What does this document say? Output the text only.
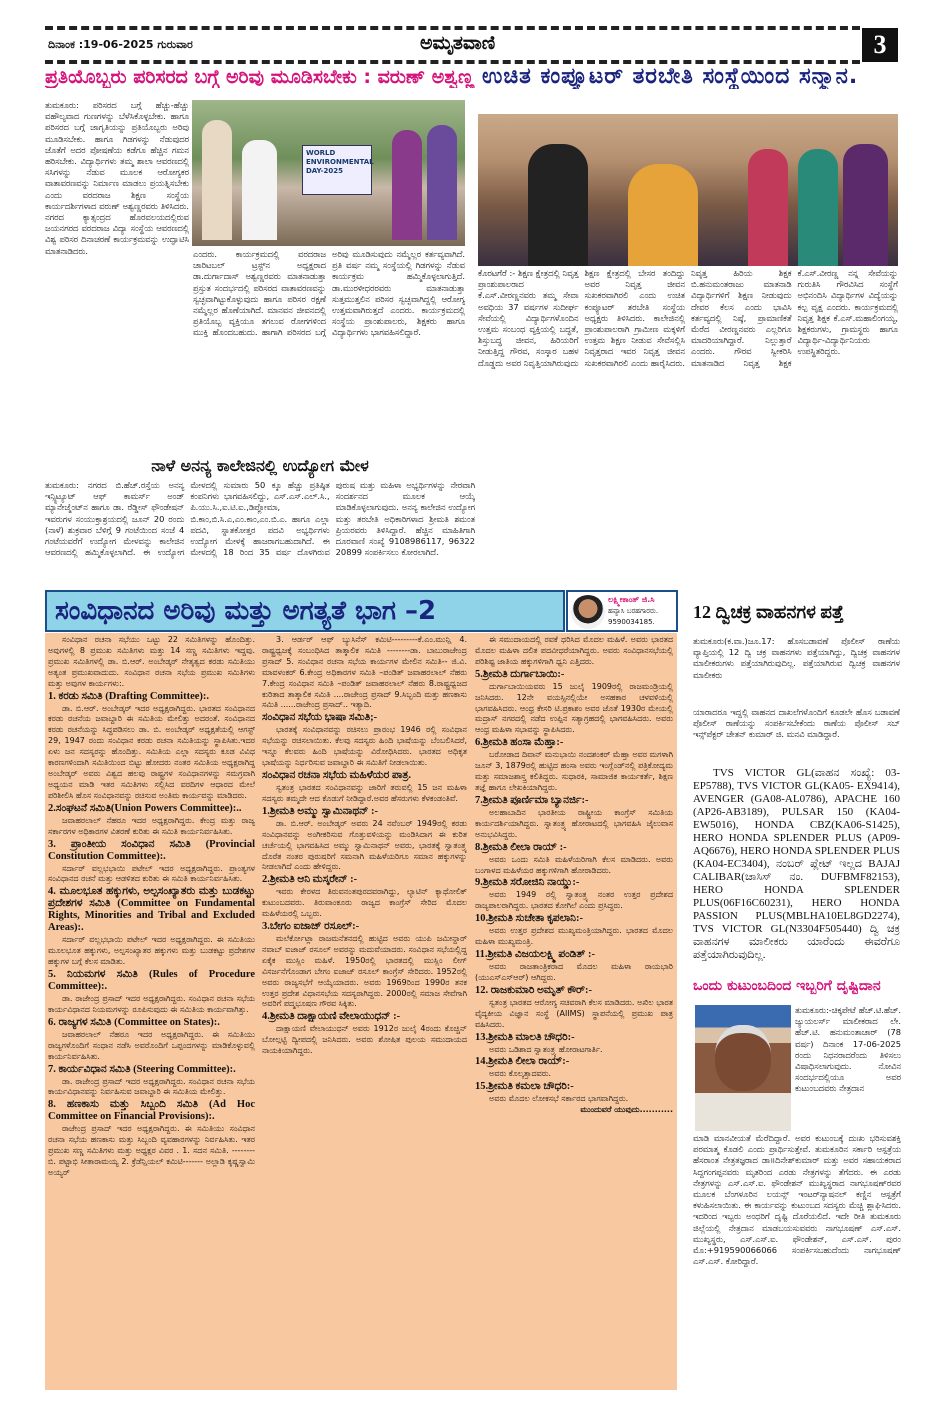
ದಿನಾಂಕ :19-06-2025 ಗುರುವಾರ	ಅಮೃತವಾಣಿ	3
ಪ್ರತಿಯೊಬ್ಬರು ಪರಿಸರದ ಬಗ್ಗೆ ಅರಿವು ಮೂಡಿಸಬೇಕು : ವರುಣ್ ಅಶ್ವಣ್ಣ
ತುಮಕೂರು: ಪರಿಸರದ ಬಗ್ಗೆ ಹೆಚ್ಚು-ಹೆಚ್ಚು ವಹೌಲ್ಯವಾದ ಗುಣಗಳನ್ನು ಬೆಳೆಸಿಕೊಳ್ಳಬೇಕು. ಹಾಗೂ ಪರಿಸರದ ಬಗ್ಗೆ ಜಾಗೃತಿಯನ್ನು ಪ್ರತಿಯೊಬ್ಬರು ಅರಿವು ಮೂಡಿಸಬೇಕು. ಹಾಗೂ ಗಿಡಗಳನ್ನು ನೆಡುವುದರ ಜೊತೆಗೆ ಅದರ ಪೋಷಣೆಯ ಕಡೆಗೂ ಹೆಚ್ಚಿನ ಗಮನ ಹರಿಸಬೇಕು. ವಿದ್ಯಾರ್ಥಿಗಳು ತಮ್ಮ ಶಾಲಾ ಆವರಣದಲ್ಲಿ ಸಸಿಗಳನ್ನು ನೆಡುವ ಮೂಲಕ ಆರೋಗ್ಯಕರ ವಾತಾವರಣವನ್ನು ನಿರ್ಮಾಣ ಮಾಡಲು ಪ್ರಯತ್ನಿಸಬೇಕು ಎಂದು ವರದರಾಜ ಶಿಕ್ಷಣ ಸಂಸ್ಥೆಯ ಕಾರ್ಯದರ್ಶಿಗಳಾದ ವರುಣ್ ಅಶ್ವಣ್ಣರವರು ತಿಳಿಸಿದರು. ನಗರದ ಕ್ಯಾತ್ಸಂದ್ರದ ಹೊರವಲಯದಲ್ಲಿರುವ ಜಯನಗರದ ವರದರಾಜ ವಿದ್ಯಾ ಸಂಸ್ಥೆಯ ಆವರಣದಲ್ಲಿ ವಿಶ್ವ ಪರಿಸರ ದಿನಾಚರಣೆ ಕಾರ್ಯಕ್ರಮವನ್ನು ಉದ್ಘಾಟಿಸಿ ಮಾತನಾಡಿದರು.
WORLD ENVIRONMENTAL DAY-2025
ಎಂದರು. ಕಾರ್ಯಕ್ರಮದಲ್ಲಿ ವರದರಾಜ ಚಾರಿಟಬಲ್ ಟ್ರಸ್ಟ್‌ನ ಅಧ್ಯಕ್ಷರಾದ ಡಾ.ದುರ್ಗಾದಾಸ್ ಅಶ್ವಣ್ಣರವರು ಮಾತನಾಡುತ್ತಾ ಪ್ರಸ್ತುತ ಸಂದರ್ಭದಲ್ಲಿ ಪರಿಸರದ ವಾತಾವರಣವನ್ನು ಸ್ವಚ್ಛವಾಗಿಟ್ಟುಕೊಳ್ಳುವುದು ಹಾಗೂ ಪರಿಸರ ರಕ್ಷಣೆ ನಮ್ಮೆಲ್ಲರ ಹೊಣೆಯಾಗಿದೆ. ಮಾನವನ ಜೀವನದಲ್ಲಿ ಪ್ರತಿಯೊಬ್ಬ ವ್ಯಕ್ತಿಯೂ ತಗಲುವ ರೋಗಗಳಿಂದ ಮುಕ್ತಿ ಹೊಂದಬಹುದು. ಹಾಗಾಗಿ ಪರಿಸರದ ಬಗ್ಗೆ ಅರಿವು ಮೂಡಿಸುವುದು ನಮ್ಮೆಲ್ಲರ ಕರ್ತವ್ಯವಾಗಿದೆ. ಪ್ರತಿ ವರ್ಷ ನಮ್ಮ ಸಂಸ್ಥೆಯಲ್ಲಿ ಗಿಡಗಳನ್ನು ನೆಡುವ ಕಾರ್ಯಕ್ರಮ ಹಮ್ಮಿಕೊಳ್ಳಲಾಗುತ್ತಿದೆ. ಡಾ.ಮುರಳೀಧರರವರು ಮಾತನಾಡುತ್ತಾ ಸುತ್ತಮುತ್ತಲಿನ ಪರಿಸರ ಸ್ವಚ್ಛವಾಗಿದ್ದಲ್ಲಿ ಆರೋಗ್ಯ ಉತ್ತಮವಾಗಿರುತ್ತದೆ ಎಂದರು. ಕಾರ್ಯಕ್ರಮದಲ್ಲಿ ಸಂಸ್ಥೆಯ ಪ್ರಾಂಶುಪಾಲರು, ಶಿಕ್ಷಕರು ಹಾಗೂ ವಿದ್ಯಾರ್ಥಿಗಳು ಭಾಗವಹಿಸಲಿದ್ದಾರೆ.
ನಾಳೆ ಅನನ್ಯ ಕಾಲೇಜಿನಲ್ಲಿ ಉದ್ಯೋಗ ಮೇಳ
ತುಮಕೂರು: ನಗರದ ಬಿ.ಹೆಚ್.ರಸ್ತೆಯ ಅನನ್ಯ ಇನ್ಸ್ಟಿಟ್ಯೂಟ್ ಆಫ್ ಕಾಮರ್ಸ್ ಅಂಡ್ ಮ್ಯಾನೇಜ್ಮೆಂಟ್‌ನ ಹಾಗೂ ಡಾ. ರೆಡ್ಡೀಸ್ ಫೌಂಡೇಷನ್ ಇವರುಗಳ ಸಂಯುಕ್ತಾಶ್ರಯದಲ್ಲಿ ಜೂನ್ 20 ರಂದು (ನಾಳೆ) ಶುಕ್ರವಾರ ಬೆಳಿಗ್ಗೆ 9 ಗಂಟೆಯಿಂದ ಸಂಜೆ 4 ಗಂಟೆಯವರೆಗೆ ಉದ್ಯೋಗ ಮೇಳವನ್ನು ಕಾಲೇಜಿನ ಆವರಣದಲ್ಲಿ ಹಮ್ಮಿಕೊಳ್ಳಲಾಗಿದೆ. ಈ ಉದ್ಯೋಗ ಮೇಳದಲ್ಲಿ ಸುಮಾರು 50 ಕ್ಕೂ ಹೆಚ್ಚು ಪ್ರತಿಷ್ಠಿತ ಕಂಪನಿಗಳು ಭಾಗವಹಿಸಲಿದ್ದು, ಎಸ್.ಎಸ್.ಎಲ್.ಸಿ., ಪಿ.ಯು.ಸಿ.,ಐ.ಟಿ.ಐ.,ಡಿಪ್ಲೋಮಾ, ಬಿ.ಕಾಂ,ಬಿ.ಸಿ.ಎ,ಎಂ.ಕಾಂ,ಎಂ.ಬಿ.ಎ. ಹಾಗೂ ಎಲ್ಲಾ ಪದವಿ, ಸ್ನಾತಕೋತ್ತರ ಪದವಿ ಅಭ್ಯರ್ಥಿಗಳು ಉದ್ಯೋಗ ಮೇಳಕ್ಕೆ ಹಾಜರಾಗಬಹುದಾಗಿದೆ. ಈ ಮೇಳದಲ್ಲಿ 18 ರಿಂದ 35 ವರ್ಷ ದೊಳಗಿರುವ ಪುರುಷ ಮತ್ತು ಮಹಿಳಾ ಅಭ್ಯರ್ಥಿಗಳನ್ನು ನೇರವಾಗಿ ಸಂದರ್ಶನದ ಮೂಲಕ ಆಯ್ಕೆ ಮಾಡಿಕೊಳ್ಳಲಾಗುವುದು. ಅನನ್ಯ ಕಾಲೇಜಿನ ಉದ್ಯೋಗ ಮತ್ತು ತರಬೇತಿ ಅಧಿಕಾರಿಗಳಾದ ಶ್ರೀಮತಿ ಶಮಂತ ಪ್ರಿಯರವರು ತಿಳಿಸಿದ್ದಾರೆ. ಹೆಚ್ಚಿನ ಮಾಹಿತಿಗಾಗಿ ದೂರವಾಣಿ ಸಂಖ್ಯೆ 9108986117, 96322 20899 ಸಂಪರ್ಕಿಸಲು ಕೋರಲಾಗಿದೆ.
ಉಚಿತ ಕಂಪ್ಯೂಟರ್ ತರಬೇತಿ ಸಂಸ್ಥೆಯಿಂದ ಸನ್ಮಾನ.
ಕೊರಟಗೆರೆ :- ಶಿಕ್ಷಣ ಕ್ಷೇತ್ರದಲ್ಲಿ ನಿವೃತ್ತ ಪ್ರಾಂಶುಪಾಲರಾದ ಕೆ.ಎಸ್.ವೀರಣ್ಣನವರು ತಮ್ಮ ಸೇವಾ ಅವಧಿಯ 37 ವರ್ಷಗಳ ಸುದೀರ್ಘ ಸೇವೆಯಲ್ಲಿ ವಿದ್ಯಾರ್ಥಿಗಳೊಂದಿನ ಉತ್ತಮ ಸಂಬಂಧ ವ್ಯಕ್ತಿಯಲ್ಲಿ ಬದ್ಧತೆ, ಶಿಸ್ತುಬದ್ಧ ಜೀವನ, ಹಿರಿಯರಿಗೆ ನೀಡುತ್ತಿದ್ದ ಗೌರವ, ಸಂಸ್ಕಾರ ಬಹಳ ದೊಡ್ಡದು ಅವರ ನಿವೃತ್ತಿಯಾಗಿರುವುದು ಶಿಕ್ಷಣ ಕ್ಷೇತ್ರದಲ್ಲಿ ಬೇಸರ ತಂದಿದ್ದು ಅವರ ನಿವೃತ್ತ ಜೀವನ ಸುಖಕರವಾಗಿರಲಿ ಎಂದು ಉಚಿತ ಕಂಪ್ಯೂಟರ್ ತರಬೇತಿ ಸಂಸ್ಥೆಯ ಅಧ್ಯಕ್ಷರು ತಿಳಿಸಿದರು. ಕಾಲೇಜಿನಲ್ಲಿ ಪ್ರಾಂಶುಪಾಲರಾಗಿ ಗ್ರಾಮೀಣ ಮಕ್ಕಳಿಗೆ ಉತ್ತಮ ಶಿಕ್ಷಣ ನೀಡುವ ಸೇವೆಸಲ್ಲಿಸಿ ನಿವೃತ್ತರಾದ ಇವರ ನಿವೃತ್ತ ಜೀವನ ಸುಖಕರವಾಗಿರಲಿ ಎಂದು ಹಾರೈಸಿದರು. ನಿವೃತ್ತ ಹಿರಿಯ ಶಿಕ್ಷಕ ಬಿ.ಹನುಮಂತರಾಜು ಮಾತನಾಡಿ ವಿದ್ಯಾರ್ಥಿಗಳಿಗೆ ಶಿಕ್ಷಣ ನೀಡುವುದು ದೇವರ ಕೆಲಸ ಎಂದು ಭಾವಿಸಿ ಕರ್ತವ್ಯದಲ್ಲಿ ನಿಷ್ಠೆ, ಪ್ರಾಮಾಣಿಕತೆ ಮೆರೆದ ವೀರಣ್ಣನವರು ಎಲ್ಲರಿಗೂ ಮಾದರಿಯಾಗಿದ್ದಾರೆ. ನಿಲ್ಲುತ್ತಾರೆ ಎಂದರು. ಗೌರವ ಸ್ವೀಕರಿಸಿ ಮಾತನಾಡಿದ ನಿವೃತ್ತ ಶಿಕ್ಷಕ ಕೆ.ಎಸ್.ವೀರಣ್ಣ ನನ್ನ ಸೇವೆಯನ್ನು ಗುರುತಿಸಿ ಗೌರವಿಸಿದ ಸಂಸ್ಥೆಗೆ ಅಭಿನಂದಿಸಿ ವಿದ್ಯಾರ್ಥಿಗಳ ವಿದ್ಯೆಯನ್ನು ಕಲ್ಪ ವೃಕ್ಷ ಎಂದರು. ಕಾರ್ಯಕ್ರಮದಲ್ಲಿ ನಿವೃತ್ತ ಶಿಕ್ಷಕ ಕೆ.ಎಸ್.ಮಹಾಲಿಂಗಯ್ಯ, ಶಿಕ್ಷಕರುಗಳು, ಗ್ರಾಮಸ್ಥರು ಹಾಗೂ ವಿದ್ಯಾರ್ಥಿ-ವಿದ್ಯಾರ್ಥಿನಿಯರು ಉಪಸ್ಥಿತರಿದ್ದರು.
ಸಂವಿಧಾನದ ಅರಿವು ಮತ್ತು ಅಗತ್ಯತೆ ಭಾಗ –2	ಲಕ್ಷ್ಮೀಕಾಂತ್ ಜಿ.ಸಿ
ಹವ್ಯಾಸಿ ಬರಹಗಾರರು.
9590034185.

ಸಂವಿಧಾನ ರಚನಾ ಸಭೆಯು ಒಟ್ಟು 22 ಸಮಿತಿಗಳನ್ನು ಹೊಂದಿತ್ತು. ಅವುಗಳಲ್ಲಿ 8 ಪ್ರಮುಖ ಸಮಿತಿಗಳು ಮತ್ತು 14 ಸಣ್ಣ ಸಮಿತಿಗಳು ಇದ್ದವು. ಪ್ರಮುಖ ಸಮಿತಿಗಳಲ್ಲಿ ಡಾ. ಬಿ.ಆರ್. ಅಂಬೇಡ್ಕರ್ ನೇತೃತ್ವದ ಕರಡು ಸಮಿತಿಯು ಅತ್ಯಂತ ಪ್ರಮುಖವಾದುದು. ಸಂವಿಧಾನ ರಚನಾ ಸಭೆಯ ಪ್ರಮುಖ ಸಮಿತಿಗಳು ಮತ್ತು ಅವುಗಳ ಕಾರ್ಯಗಳು:.

1. ಕರಡು ಸಮಿತಿ (Drafting Committee):.

ಡಾ. ಬಿ.ಆರ್. ಅಂಬೇಡ್ಕರ್ ಇದರ ಅಧ್ಯಕ್ಷರಾಗಿದ್ದರು. ಭಾರತದ ಸಂವಿಧಾನದ ಕರಡು ರಚನೆಯ ಜವಾಬ್ದಾರಿ ಈ ಸಮಿತಿಯ ಮೇಲಿತ್ತು ಅದರಂತೆ. ಸಂವಿಧಾನದ ಕರಡು ರಚನೆಯನ್ನು ಸಿದ್ಧಪಡಿಸಲು ಡಾ. ಬಿ. ಅಂಬೇಡ್ಕರ್ ಅಧ್ಯಕ್ಷತೆಯಲ್ಲಿ ಆಗಸ್ಟ್ 29, 1947 ರಂದು ಸಂವಿಧಾನ ಕರಡು ರಚನಾ ಸಮಿತಿಯನ್ನು ಸ್ಥಾಪಿಸಿತು.ಇದರ ಏಳು ಜನ ಸದಸ್ಯರನ್ನು ಹೊಂದಿತ್ತು. ಸಮಿತಿಯ ಎಲ್ಲಾ ಸದಸ್ಯರು ಕೂಡ ವಿವಿಧ ಕಾರಣಗಳಿಂದಾಗಿ ಸಮಿತಿಯಿಂದ ಬಿಟ್ಟು ಹೋದರು ನಂತರ ಸಮಿತಿಯ ಅಧ್ಯಕ್ಷರಾಗಿದ್ದ ಅಂಬೇಡ್ಕರ್ ಅವರು ವಿಶ್ವದ ಹಲವು ರಾಷ್ಟ್ರಗಳ ಸಂವಿಧಾನಗಳನ್ನು ಸಮಗ್ರವಾಗಿ ಅಧ್ಯಯನ ಮಾಡಿ ಇತರ ಸಮಿತಿಗಳು ಸಲ್ಲಿಸಿದ ವರದಿಗಳ ಆಧಾರದ ಮೇಲೆ ಪರಿಶೀಲಿಸಿ ಹೊಸ ಸಂವಿಧಾನವನ್ನು ರಚಿಸುವ ಅಂತಿಮ ಕಾರ್ಯವನ್ನು ಮಾಡಿದರು.

2.ಸಂಘಟನೆ ಸಮಿತಿ(Union Powers Committee):..

ಜವಾಹರಲಾಲ್ ನೆಹರೂ ಇದರ ಅಧ್ಯಕ್ಷರಾಗಿದ್ದರು. ಕೇಂದ್ರ ಮತ್ತು ರಾಜ್ಯ ಸರ್ಕಾರಗಳ ಅಧಿಕಾರಗಳ ವಿತರಣೆ ಕುರಿತು ಈ ಸಮಿತಿ ಕಾರ್ಯನಿರ್ವಹಿಸಿತು.

3. ಪ್ರಾಂತೀಯ ಸಂವಿಧಾನ ಸಮಿತಿ (Provincial Constitution Committee):.

ಸರ್ದಾರ್ ವಲ್ಲಭಭಾಯಿ ಪಟೇಲ್ ಇದರ ಅಧ್ಯಕ್ಷರಾಗಿದ್ದರು. ಪ್ರಾಂತ್ಯಗಳ ಸಂವಿಧಾನದ ರಚನೆ ಮತ್ತು ಆಡಳಿತದ ಕುರಿತು ಈ ಸಮಿತಿ ಕಾರ್ಯನಿರ್ವಹಿಸಿತು.

4. ಮೂಲಭೂತ ಹಕ್ಕುಗಳು, ಅಲ್ಪಸಂಖ್ಯಾತರು ಮತ್ತು ಬುಡಕಟ್ಟು ಪ್ರದೇಶಗಳ ಸಮಿತಿ (Committee on Fundamental Rights, Minorities and Tribal and Excluded Areas):.

ಸರ್ದಾರ್ ವಲ್ಲಭಭಾಯಿ ಪಟೇಲ್ ಇದರ ಅಧ್ಯಕ್ಷರಾಗಿದ್ದರು. ಈ ಸಮಿತಿಯು ಮೂಲಭೂತ ಹಕ್ಕುಗಳು, ಅಲ್ಪಸಂಖ್ಯಾತರ ಹಕ್ಕುಗಳು ಮತ್ತು ಬುಡಕಟ್ಟು ಪ್ರದೇಶಗಳ ಹಕ್ಕುಗಳ ಬಗ್ಗೆ ಕೆಲಸ ಮಾಡಿತು.

5. ನಿಯಮಗಳ ಸಮಿತಿ (Rules of Procedure Committee):.

ಡಾ. ರಾಜೇಂದ್ರ ಪ್ರಸಾದ್ ಇದರ ಅಧ್ಯಕ್ಷರಾಗಿದ್ದರು. ಸಂವಿಧಾನ ರಚನಾ ಸಭೆಯ ಕಾರ್ಯವಿಧಾನದ ನಿಯಮಗಳನ್ನು ರೂಪಿಸುವುದು ಈ ಸಮಿತಿಯ ಕಾರ್ಯವಾಗಿತ್ತು.

6. ರಾಜ್ಯಗಳ ಸಮಿತಿ (Committee on States):.

ಜವಾಹರಲಾಲ್ ನೆಹರೂ ಇದರ ಅಧ್ಯಕ್ಷರಾಗಿದ್ದರು. ಈ ಸಮಿತಿಯು ರಾಜ್ಯಗಳೊಂದಿಗೆ ಸಂಧಾನ ನಡೆಸಿ ಅವರೊಂದಿಗೆ ಒಪ್ಪಂದಗಳನ್ನು ಮಾಡಿಕೊಳ್ಳುವಲ್ಲಿ ಕಾರ್ಯನಿರ್ವಹಿಸಿತು.

7. ಕಾರ್ಯವಿಧಾನ ಸಮಿತಿ (Steering Committee):.

ಡಾ. ರಾಜೇಂದ್ರ ಪ್ರಸಾದ್ ಇದರ ಅಧ್ಯಕ್ಷರಾಗಿದ್ದರು. ಸಂವಿಧಾನ ರಚನಾ ಸಭೆಯ ಕಾರ್ಯವಿಧಾನವನ್ನು ನಿರ್ವಹಿಸುವ ಜವಾಬ್ದಾರಿ ಈ ಸಮಿತಿಯ ಮೇಲಿತ್ತು.

8. ಹಣಕಾಸು ಮತ್ತು ಸಿಬ್ಬಂದಿ ಸಮಿತಿ (Ad Hoc Committee on Financial Provisions):.

ರಾಜೇಂದ್ರ ಪ್ರಸಾದ್ ಇದರ ಅಧ್ಯಕ್ಷರಾಗಿದ್ದರು. ಈ ಸಮಿತಿಯು ಸಂವಿಧಾನ ರಚನಾ ಸಭೆಯ ಹಣಕಾಸು ಮತ್ತು ಸಿಬ್ಬಂದಿ ವ್ಯವಹಾರಗಳನ್ನು ನಿರ್ವಹಿಸಿತು. ಇತರ ಪ್ರಮುಖ ಸಣ್ಣ ಸಮಿತಿಗಳು ಮತ್ತು ಅಧ್ಯಕ್ಷರ ವಿವರ . 1. ಸದನ ಸಮಿತಿ. --------ಬಿ. ಪಟ್ಟಾಭಿ ಸೀತಾರಾಮಯ್ಯ 2. ಕ್ರೆಡೆನ್ಷಿಯಲ್ ಕಮಿಟಿ------- ಅಲ್ಲಾಡಿ ಕೃಷ್ಣಸ್ವಾಮಿ ಅಯ್ಯರ್

3. ಆರ್ಡರ್ ಆಫ್ ಬ್ಯುಸಿನೆಸ್ ಕಮಿಟಿ---------ಕೆ.ಎಂ.ಮುನ್ಷಿ 4. ರಾಷ್ಟ್ರಧ್ವಜಕ್ಕೆ ಸಂಬಂಧಿಸಿದ ತಾತ್ಕಾಲಿಕ ಸಮಿತಿ --------ಡಾ. ಬಾಬುರಾಜೇಂದ್ರ ಪ್ರಸಾದ್ 5. ಸಂವಿಧಾನ ರಚನಾ ಸಭೆಯ ಕಾರ್ಯಗಳ ಮೇಲಿನ ಸಮಿತಿ-- ಜಿ.ವಿ. ಮಾವಳಂಕರ್ 6.ಕೇಂದ್ರ ಅಧಿಕಾರಗಳ ಸಮಿತಿ –ಪಂಡಿತ್ ಜವಾಹರಲಾಲ್ ನೆಹರು 7.ಕೇಂದ್ರ ಸಂವಿಧಾನ ಸಮಿತಿ –ಪಂಡಿತ್ ಜವಾಹರಲಾಲ್ ನೆಹರು 8.ರಾಷ್ಟ್ರಧ್ವಜದ ಕುರಿತಾದ ತಾತ್ಕಾಲಿಕ ಸಮಿತಿ ....ರಾಜೇಂದ್ರ ಪ್ರಸಾದ್ 9.ಸಿಬ್ಬಂದಿ ಮತ್ತು ಹಣಕಾಸು ಸಮಿತಿ ......ರಾಜೇಂದ್ರ ಪ್ರಸಾದ್.. ಇತ್ಯಾದಿ.

ಸಂವಿಧಾನ ಸಭೆಯ ಭಾಷಾ ಸಮಿತಿ;-

ಭಾರತಕ್ಕೆ ಸಂವಿಧಾನವನ್ನು ರಚಿಸಲು ಪ್ರಾರಂಭ 1946 ರಲ್ಲಿ ಸಂವಿಧಾನ ಸಭೆಯನ್ನು ರಚಿಸಲಾಯಿತು. ಕೆಲವು ಸದಸ್ಯರು ಹಿಂದಿ ಭಾಷೆಯನ್ನು ಬೆಂಬಲಿಸಿದರೆ, ಇನ್ನೂ ಕೆಲವರು ಹಿಂದಿ ಭಾಷೆಯನ್ನು ವಿರೋಧಿಸಿದರು. ಭಾರತದ ಅಧಿಕೃತ ಭಾಷೆಯನ್ನು ನಿರ್ಧರಿಸುವ ಜವಾಬ್ದಾರಿ ಈ ಸಮಿತಿಗೆ ನೀಡಲಾಯಿತು.

ಸಂವಿಧಾನ ರಚನಾ ಸಭೆಯ ಮಹಿಳೆಯರ ಪಾತ್ರ.

ಸ್ವತಂತ್ರ ಭಾರತದ ಸಂವಿಧಾನವನ್ನು ಜಾರಿಗೆ ತರುವಲ್ಲಿ 15 ಜನ ಮಹಿಳಾ ಸದಸ್ಯರು ತಮ್ಮದೇ ಆದ ಕೊಡುಗೆ ನೀಡಿದ್ದಾರೆ.ಅವರ ಹೆಸರುಗಳು ಕೆಳಕಂಡಂತಿವೆ.

1.ಶ್ರೀಮತಿ ಅಮ್ಮು ಸ್ವಾಮಿನಾಥನ್ :-

ಡಾ. ಬಿ.ಆರ್. ಅಂಬೇಡ್ಕರ್ ಅವರು 24 ನವೆಂಬರ್ 1949ರಲ್ಲಿ ಕರಡು ಸಂವಿಧಾನವನ್ನು ಅಂಗೀಕರಿಸುವ ಗೊತ್ತುವಳಿಯನ್ನು ಮಂಡಿಸಿದಾಗ ಈ ಕುರಿತ ಚರ್ಚೆಯಲ್ಲಿ ಭಾಗವಹಿಸಿದ ಅಮ್ಮು ಸ್ವಾಮಿನಾಥನ್ ಅವರು, ಭಾರತಕ್ಕೆ ಸ್ವಾತಂತ್ರ್ಯ ದೊರೆತ ನಂತರ ಪುರುಷರಿಗೆ ಸಮನಾಗಿ ಮಹಿಳೆಯರಿಗೂ ಸಮಾನ ಹಕ್ಕುಗಳನ್ನು ನೀಡಲಾಗಿದೆ ಎಂದು ಹೇಳಿದ್ದರು.

2.ಶ್ರೀಮತಿ ಆನಿ ಮಸ್ಕರೇನ್ :-

ಇವರು ಕೇರಳದ ತಿರುವನಂತಪುರದವರಾಗಿದ್ದು, ಲ್ಯಾಟಿನ್ ಕ್ಯಾಥೋಲಿಕ್ ಕುಟುಂಬದವರು. ತಿರುವಾಂಕೂರು ರಾಜ್ಯದ ಕಾಂಗ್ರೆಸ್ ಸೇರಿದ ಮೊದಲ ಮಹಿಳೆಯರಲ್ಲಿ ಒಬ್ಬರು.

3.ಬೇಗಂ ಐಜಾಜ್ ರಸೂಲ್:-

ಮಲೆರ್ಕೋಟ್ಲಾ ರಾಜಮನೆತನದಲ್ಲಿ ಹುಟ್ಟಿದ ಅವರು ಯುಪಿ ಜಮೀನ್ದಾರ್ ನವಾಬ್ ಐಜಾಜ್ ರಸೂಲ್ ಅವರನ್ನು ಮದುವೆಯಾದರು. ಸಂವಿಧಾನ ಸಭೆಯಲ್ಲಿದ್ದ ಏಕೈಕ ಮುಸ್ಲಿಂ ಮಹಿಳೆ. 1950ರಲ್ಲಿ ಭಾರತದಲ್ಲಿ ಮುಸ್ಲಿಂ ಲೀಗ್ ವಿಸರ್ಜನೆಗೊಂಡಾಗ ಬೇಗಂ ಐಜಾಜ್ ರಸೂಲ್ ಕಾಂಗ್ರೆಸ್ ಸೇರಿದರು. 1952ರಲ್ಲಿ ಅವರು ರಾಜ್ಯಸಭೆಗೆ ಆಯ್ಕೆಯಾದರು. ಅವರು 1969ರಿಂದ 1990ರ ತನಕ ಉತ್ತರ ಪ್ರದೇಶ ವಿಧಾನಸಭೆಯ ಸದಸ್ಯರಾಗಿದ್ದರು. 2000ರಲ್ಲಿ ಸಮಾಜ ಸೇವೆಗಾಗಿ ಅವರಿಗೆ ಪದ್ಮಭೂಷಣ ಗೌರವ ಸಿಕ್ಕಿತು.

4.ಶ್ರೀಮತಿ ದಾಕ್ಷಾಯಣಿ ವೇಲಾಯುಧನ್ :-

ದಾಕ್ಷಾಯಣಿ ವೇಲಾಯುಧನ್ ಅವರು 1912ರ ಜುಲೈ 4ರಂದು ಕೊಚ್ಚಿನ್ ಬೋಲ್ಗಟ್ಟಿ ದ್ವೀಪದಲ್ಲಿ ಜನಿಸಿದರು. ಅವರು ಶೋಷಿತ ಪುಲಯ ಸಮುದಾಯದ ನಾಯಕಿಯಾಗಿದ್ದರು.

ಈ ಸಮುದಾಯದಲ್ಲಿ ರವಕೆ ಧರಿಸಿದ ಮೊದಲ ಮಹಿಳೆ. ಅವರು ಭಾರತದ ಮೊದಲ ಮಹಿಳಾ ದಲಿತ ಪದವೀಧರೆಯಾಗಿದ್ದರು. ಅವರು ಸಂವಿಧಾನಸಭೆಯಲ್ಲಿ ಪರಿಶಿಷ್ಟ ಜಾತಿಯ ಹಕ್ಕುಗಳಿಗಾಗಿ ಧ್ವನಿ ಎತ್ತಿದರು.

5.ಶ್ರೀಮತಿ ದುರ್ಗಾಬಾಯಿ:-

ದುರ್ಗಾಬಾಯಿಯವರು 15 ಜುಲೈ 1909ರಲ್ಲಿ ರಾಜಮಂಡ್ರಿಯಲ್ಲಿ ಜನಿಸಿದರು. 12ನೇ ವಯಸ್ಸಿನಲ್ಲಿಯೇ ಅಸಹಕಾರ ಚಳವಳಿಯಲ್ಲಿ ಭಾಗವಹಿಸಿದರು. ಆಂಧ್ರ ಕೇಸರಿ ಟಿ.ಪ್ರಕಾಶಂ ಅವರ ಜೊತೆ 1930ರ ಮೇಯಲ್ಲಿ ಮದ್ರಾಸ್ ನಗರದಲ್ಲಿ ನಡೆದ ಉಪ್ಪಿನ ಸತ್ಯಾಗ್ರಹದಲ್ಲಿ ಭಾಗವಹಿಸಿದರು. ಅವರು ಆಂಧ್ರ ಮಹಿಳಾ ಸಭಾವನ್ನು ಸ್ಥಾಪಿಸಿದರು.

6.ಶ್ರೀಮತಿ ಹಂಸಾ ಮೆಹ್ತಾ:-

ಬರೋಡಾದ ದಿವಾನ್ ಮನುಭಾಯಿ ನಂದಶಂಕರ್ ಮೆಹ್ತಾ ಅವರ ಮಗಳಾಗಿ ಜೂನ್ 3, 1879ರಲ್ಲಿ ಹುಟ್ಟಿದ ಹಂಸಾ ಅವರು ಇಂಗ್ಲೆಂಡ್‌ನಲ್ಲಿ ಪತ್ರಿಕೋದ್ಯಮ ಮತ್ತು ಸಮಾಜಶಾಸ್ತ್ರ ಕಲಿತಿದ್ದರು. ಸುಧಾರಕಿ, ಸಾಮಾಜಿಕ ಕಾರ್ಯಕರ್ತೆ, ಶಿಕ್ಷಣ ತಜ್ಞೆ ಹಾಗೂ ಲೇಖಕಿಯಾಗಿದ್ದರು.

7.ಶ್ರೀಮತಿ ಪೂರ್ಣಿಮಾ ಬ್ಯಾನರ್ಜಿ:-

ಅಲಹಾಬಾದಿನ ಭಾರತೀಯ ರಾಷ್ಟ್ರೀಯ ಕಾಂಗ್ರೆಸ್ ಸಮಿತಿಯ ಕಾರ್ಯದರ್ಶಿಯಾಗಿದ್ದರು. ಸ್ವಾತಂತ್ರ್ಯ ಹೋರಾಟದಲ್ಲಿ ಭಾಗವಹಿಸಿ ಜೈಲುವಾಸ ಅನುಭವಿಸಿದ್ದರು.

8.ಶ್ರೀಮತಿ ಲೀಲಾ ರಾಯ್ :-

ಅವರು ಒಂದು ಸಮಿತಿ ಮಹಿಳೆಯರಿಗಾಗಿ ಕೆಲಸ ಮಾಡಿದರು. ಅವರು ಬಂಗಾಳದ ಮಹಿಳೆಯರ ಹಕ್ಕುಗಳಿಗಾಗಿ ಹೋರಾಡಿದರು.

9.ಶ್ರೀಮತಿ ಸರೋಜಿನಿ ನಾಯ್ಡು:-

ಅವರು 1949 ರಲ್ಲಿ ಸ್ವಾತಂತ್ರ್ಯ ನಂತರ ಉತ್ತರ ಪ್ರದೇಶದ ರಾಜ್ಯಪಾಲರಾಗಿದ್ದರು. ಭಾರತದ ಕೋಗಿಲೆ ಎಂದು ಪ್ರಸಿದ್ಧರು.

10.ಶ್ರೀಮತಿ ಸುಚೇತಾ ಕೃಪಲಾನಿ:-

ಅವರು ಉತ್ತರ ಪ್ರದೇಶದ ಮುಖ್ಯಮಂತ್ರಿಯಾಗಿದ್ದರು. ಭಾರತದ ಮೊದಲ ಮಹಿಳಾ ಮುಖ್ಯಮಂತ್ರಿ.

11.ಶ್ರೀಮತಿ ವಿಜಯಲಕ್ಷ್ಮಿ ಪಂಡಿತ್ :-

ಅವರು ರಾಜತಾಂತ್ರಿಕರಾದ ಮೊದಲ ಮಹಿಳಾ ರಾಯಭಾರಿ (ಯುಎಸ್‌ಎಸ್‌ಆರ್) ಆಗಿದ್ದರು.

12. ರಾಜಕುಮಾರಿ ಅಮೃತ್ ಕೌರ್:-

ಸ್ವತಂತ್ರ ಭಾರತದ ಆರೋಗ್ಯ ಸಚಿವರಾಗಿ ಕೆಲಸ ಮಾಡಿದರು. ಅಖಿಲ ಭಾರತ ವೈದ್ಯಕೀಯ ವಿಜ್ಞಾನ ಸಂಸ್ಥೆ (AIIMS) ಸ್ಥಾಪನೆಯಲ್ಲಿ ಪ್ರಮುಖ ಪಾತ್ರ ವಹಿಸಿದರು.

13.ಶ್ರೀಮತಿ ಮಾಲತಿ ಚೌಧರಿ:-

ಅವರು ಒಡಿಶಾದ ಸ್ವಾತಂತ್ರ್ಯ ಹೋರಾಟಗಾರ್ತಿ.

14.ಶ್ರೀಮತಿ ಲೀಲಾ ರಾಯ್:-

ಅವರು ಕೊಲ್ಕತ್ತಾದವರು.

15.ಶ್ರೀಮತಿ ಕಮಲಾ ಚೌಧರಿ:-

ಅವರು ಮೊದಲ ಲೋಕಸಭೆ ಸರ್ಕಾರದ ಭಾಗವಾಗಿದ್ದರು.

ಮುಂದುವರೆ ಯುವುದು...........

12 ದ್ವಿಚಕ್ರ ವಾಹನಗಳ ಪತ್ತೆ
ತುಮಕೂರು(ಕ.ವಾ.)ಜೂ.17: ಹೊಸಬಡಾವಣೆ ಪೊಲೀಸ್ ಠಾಣೆಯ ವ್ಯಾಪ್ತಿಯಲ್ಲಿ 12 ದ್ವಿ ಚಕ್ರ ವಾಹನಗಳು ಪತ್ತೆಯಾಗಿದ್ದು, ದ್ವಿಚಕ್ರ ವಾಹನಗಳ ಮಾಲೀಕರುಗಳು ಪತ್ತೆಯಾಗಿರುವುದಿಲ್ಲ. ಪತ್ತೆಯಾಗಿರುವ ದ್ವಿಚಕ್ರ ವಾಹನಗಳ ಮಾಲೀಕರು
ಯಾರಾದರೂ ಇದ್ದಲ್ಲಿ ವಾಹನದ ದಾಖಲೆಗಳೊಂದಿಗೆ ಕೂಡಲೇ ಹೊಸ ಬಡಾವಣೆ ಪೊಲೀಸ್ ಠಾಣೆಯನ್ನು ಸಂಪರ್ಕಿಸಬೇಕೆಂದು ಠಾಣೆಯ ಪೊಲೀಸ್ ಸಬ್ ಇನ್ಸ್‌ಪೆಕ್ಟರ್ ಚೇತನ್ ಕುಮಾರ್ ಜಿ. ಮನವಿ ಮಾಡಿದ್ದಾರೆ.
TVS VICTOR GL(ವಾಹನ ಸಂಖ್ಯೆ: 03-EP5788), TVS VICTOR GL(KA05- EX9414), AVENGER (GA08-AL0786), APACHE 160 (AP26-AB3189), PULSAR 150 (KA04-EW5016), HONDA CBZ(KA06-S1425), HERO HONDA SPLENDER PLUS (AP09-AQ6676), HERO HONDA SPLENDER PLUS (KA04-EC3404), ನಂಬರ್ ಪ್ಲೇಟ್ ಇಲ್ಲದ BAJAJ CALIBAR(ಚಾಸಿಸ್ ನಂ. DUFBMF82153), HERO HONDA SPLENDER PLUS(06F16C60231), HERO HONDA PASSION PLUS(MBLHA10EL8GD2274), TVS VICTOR GL(N3304F505440) ದ್ವಿ ಚಕ್ರ ವಾಹನಗಳ ಮಾಲೀಕರು ಯಾರೆಂದು ಈವರೆಗೂ ಪತ್ತೆಯಾಗಿರುವುದಿಲ್ಲ.
ಒಂದು ಕುಟುಂಬದಿಂದ ಇಬ್ಬರಿಗೆ ದೃಷ್ಟಿದಾನ
ತುಮಕೂರು:-ಚಿಕ್ಕಪೇಟೆ ಹೆಚ್.ಟಿ.ಹೆಚ್. ಜ್ಯುಯಲರ್ಸ್ ಮಾಲೀಕರಾದ ಲೇ. ಹೆಚ್.ಟಿ. ಹನುಮಂತಾಚಾರ್ (78 ವರ್ಷ) ದಿನಾಂಕ 17-06-2025 ರಂದು ನಿಧನರಾದರೆಂದು ತಿಳಿಸಲು ವಿಷಾಧಿಸಲಾಗುವುದು. ನೋವಿನ ಸಂದರ್ಭದಲ್ಲಿಯೂ ಅವರ ಕುಟುಂಬದವರು ನೇತ್ರದಾನ
ಮಾಡಿ ಮಾನವೀಯತೆ ಮೆರೆದಿದ್ದಾರೆ. ಅವರ ಕುಟುಂಬಕ್ಕೆ ದುಃಖ ಭರಿಸುವಶಕ್ತಿ ಪರಮಾತ್ಮ ಕೊಡಲಿ ಎಂದು ಪ್ರಾರ್ಥಿಸುತ್ತೇವೆ. ತುಮಕೂರಿನ ಸರ್ಕಾರಿ ಆಸ್ಪತ್ರೆಯ ಹೆಸರಾಂತ ನೇತ್ರತಜ್ಞರಾದ ಡಾ॥ದಿನೇಶ್‌ಕುಮಾರ್ ಮತ್ತು ಅವರ ಸಹಾಯಕರಾದ ಸಿದ್ದಗಂಗಪ್ಪನವರು ಮೃತರಿಂದ ಎರಡು ನೇತ್ರಗಳನ್ನು ತೆಗೆದರು. ಈ ಎರಡು ನೇತ್ರಗಳನ್ನು ಎಸ್.ಎಸ್.ಐ. ಫೌಂಡೇಶನ್ ಮುಖ್ಯಸ್ಥರಾದ ನಾಗಭೂಷಣ್‌ರವರ ಮೂಲಕ ಬೆಂಗಳೂರಿನ ಲಯನ್ಸ್ ಇಂಟರ್‌ನ್ಯಾಷನಲ್ ಕಣ್ಣಿನ ಆಸ್ಪತ್ರೆಗೆ ಕಳುಹಿಸಲಾಯಿತು. ಈ ಕಾರ್ಯವನ್ನು ಕುಟುಂಬದ ಸದಸ್ಯರು ಮೆಚ್ಚಿ ಶ್ಲಾಘಿಸಿದರು. ಇದರಿಂದ ಇಬ್ಬರು ಅಂಧರಿಗೆ ದೃಷ್ಟಿ ದೊರೆಯಲಿದೆ. ಇದೇ ರೀತಿ ತುಮಕೂರು ಜಿಲ್ಲೆಯಲ್ಲಿ ನೇತ್ರದಾನ ಮಾಡಬಯಸುವವರು ನಾಗಭೂಷಣ್ ಎಸ್.ಎಸ್. ಮುಖ್ಯಸ್ಥರು, ಎಸ್.ಎಸ್.ಐ. ಫೌಂಡೇಶನ್, ಎಸ್.ಎಸ್. ಪುರಂ ಮೊ:+919590066066 ಸಂಪರ್ಕಿಸಬಹುದೆಂದು ನಾಗಭೂಷಣ್ ಎಸ್.ಎಸ್. ಕೋರಿದ್ದಾರೆ.
